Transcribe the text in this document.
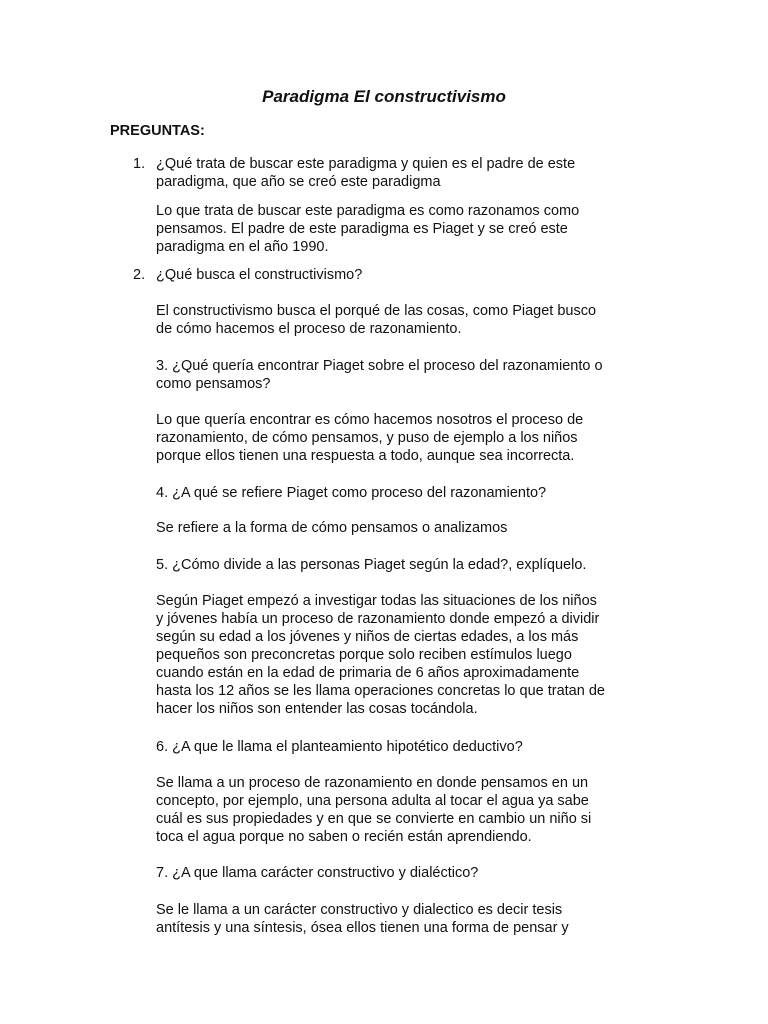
Paradigma El constructivismo
PREGUNTAS:
1. ¿Qué trata de buscar este paradigma y quien es el padre de este
paradigma, que año se creó este paradigma
Lo que trata de buscar este paradigma es como razonamos como
pensamos. El padre de este paradigma es Piaget y se creó este
paradigma en el año 1990.
2. ¿Qué busca el constructivismo?
El constructivismo busca el porqué de las cosas, como Piaget busco
de cómo hacemos el proceso de razonamiento.
3. ¿Qué quería encontrar Piaget sobre el proceso del razonamiento o
como pensamos?
Lo que quería encontrar es cómo hacemos nosotros el proceso de
razonamiento, de cómo pensamos, y puso de ejemplo a los niños
porque ellos tienen una respuesta a todo, aunque sea incorrecta.
4. ¿A qué se refiere Piaget como proceso del razonamiento?
Se refiere a la forma de cómo pensamos o analizamos
5. ¿Cómo divide a las personas Piaget según la edad?, explíquelo.
Según Piaget empezó a investigar todas las situaciones de los niños
y jóvenes había un proceso de razonamiento donde empezó a dividir
según su edad a los jóvenes y niños de ciertas edades, a los más
pequeños son preconcretas porque solo reciben estímulos luego
cuando están en la edad de primaria de 6 años aproximadamente
hasta los 12 años se les llama operaciones concretas lo que tratan de
hacer los niños son entender las cosas tocándola.
6. ¿A que le llama el planteamiento hipotético deductivo?
Se llama a un proceso de razonamiento en donde pensamos en un
concepto, por ejemplo, una persona adulta al tocar el agua ya sabe
cuál es sus propiedades y en que se convierte en cambio un niño si
toca el agua porque no saben o recién están aprendiendo.
7. ¿A que llama carácter constructivo y dialéctico?
Se le llama a un carácter constructivo y dialectico es decir tesis
antítesis y una síntesis, ósea ellos tienen una forma de pensar y
